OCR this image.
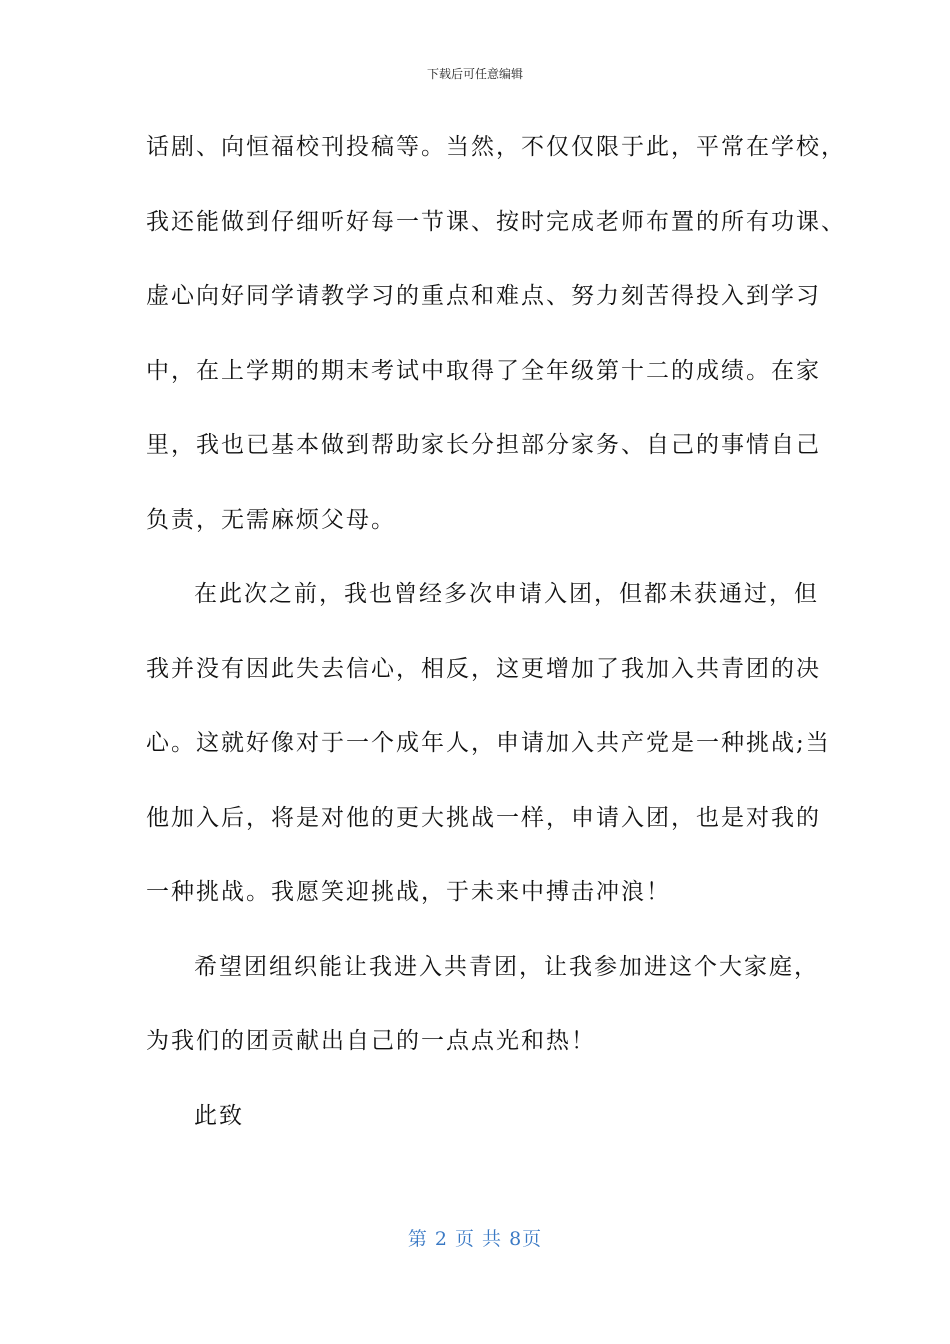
下载后可任意编辑
话剧、向恒福校刊投稿等。当然，不仅仅限于此，平常在学校，
我还能做到仔细听好每一节课、按时完成老师布置的所有功课、
虚心向好同学请教学习的重点和难点、努力刻苦得投入到学习
中，在上学期的期末考试中取得了全年级第十二的成绩。在家
里，我也已基本做到帮助家长分担部分家务、自己的事情自己
负责，无需麻烦父母。
在此次之前，我也曾经多次申请入团，但都未获通过，但
我并没有因此失去信心，相反，这更增加了我加入共青团的决
心。这就好像对于一个成年人，申请加入共产党是一种挑战;当
他加入后，将是对他的更大挑战一样，申请入团，也是对我的
一种挑战。我愿笑迎挑战，于未来中搏击冲浪！
希望团组织能让我进入共青团，让我参加进这个大家庭，
为我们的团贡献出自己的一点点光和热！
此致
第 2 页 共 8页
